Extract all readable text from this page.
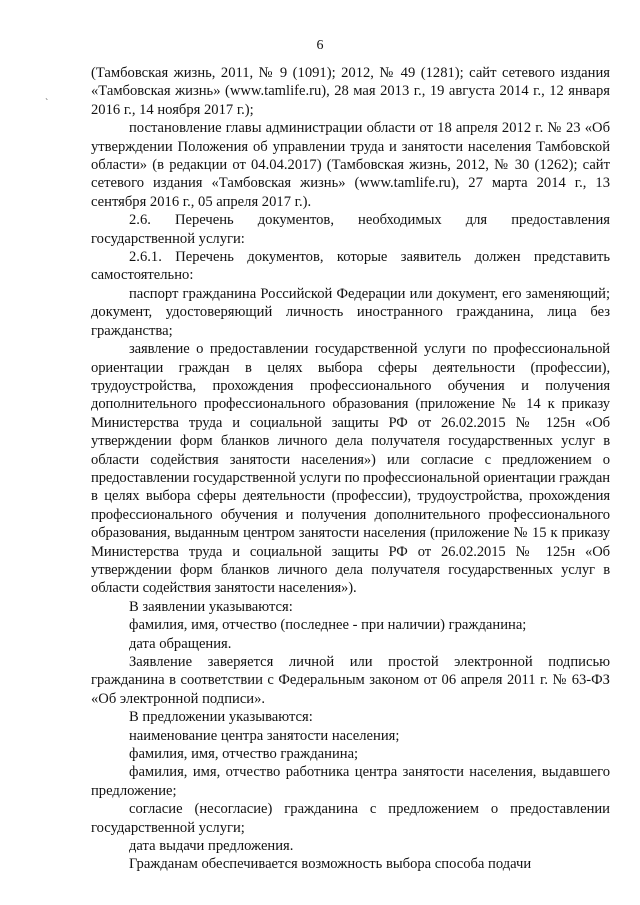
6
`

(Тамбовская жизнь, 2011, № 9 (1091); 2012, № 49 (1281); сайт сетевого издания «Тамбовская жизнь» (www.tamlife.ru), 28 мая 2013 г., 19 августа 2014 г., 12 января 2016 г., 14 ноября 2017 г.);

постановление главы администрации области от 18 апреля 2012 г. № 23 «Об утверждении Положения об управлении труда и занятости населения Тамбовской области» (в редакции от 04.04.2017) (Тамбовская жизнь, 2012, № 30 (1262); сайт сетевого издания «Тамбовская жизнь» (www.tamlife.ru), 27 марта 2014 г., 13 сентября 2016 г., 05 апреля 2017 г.).

2.6. Перечень документов, необходимых для предоставления государственной услуги:

2.6.1. Перечень документов, которые заявитель должен представить самостоятельно:

паспорт гражданина Российской Федерации или документ, его заменяющий; документ, удостоверяющий личность иностранного гражданина, лица без гражданства;

заявление о предоставлении государственной услуги по профессиональной ориентации граждан в целях выбора сферы деятельности (профессии), трудоустройства, прохождения профессионального обучения и получения дополнительного профессионального образования (приложение № 14 к приказу Министерства труда и социальной защиты РФ от 26.02.2015 № 125н «Об утверждении форм бланков личного дела получателя государственных услуг в области содействия занятости населения») или согласие с предложением о предоставлении государственной услуги по профессиональной ориентации граждан в целях выбора сферы деятельности (профессии), трудоустройства, прохождения профессионального обучения и получения дополнительного профессионального образования, выданным центром занятости населения (приложение № 15 к приказу Министерства труда и социальной защиты РФ от 26.02.2015 № 125н «Об утверждении форм бланков личного дела получателя государственных услуг в области содействия занятости населения»).

В заявлении указываются:

фамилия, имя, отчество (последнее - при наличии) гражданина;

дата обращения.

Заявление заверяется личной или простой электронной подписью гражданина в соответствии с Федеральным законом от 06 апреля 2011 г. № 63-ФЗ «Об электронной подписи».

В предложении указываются:

наименование центра занятости населения;

фамилия, имя, отчество гражданина;

фамилия, имя, отчество работника центра занятости населения, выдавшего предложение;

согласие (несогласие) гражданина с предложением о предоставлении государственной услуги;

дата выдачи предложения.

Гражданам обеспечивается возможность выбора способа подачи
